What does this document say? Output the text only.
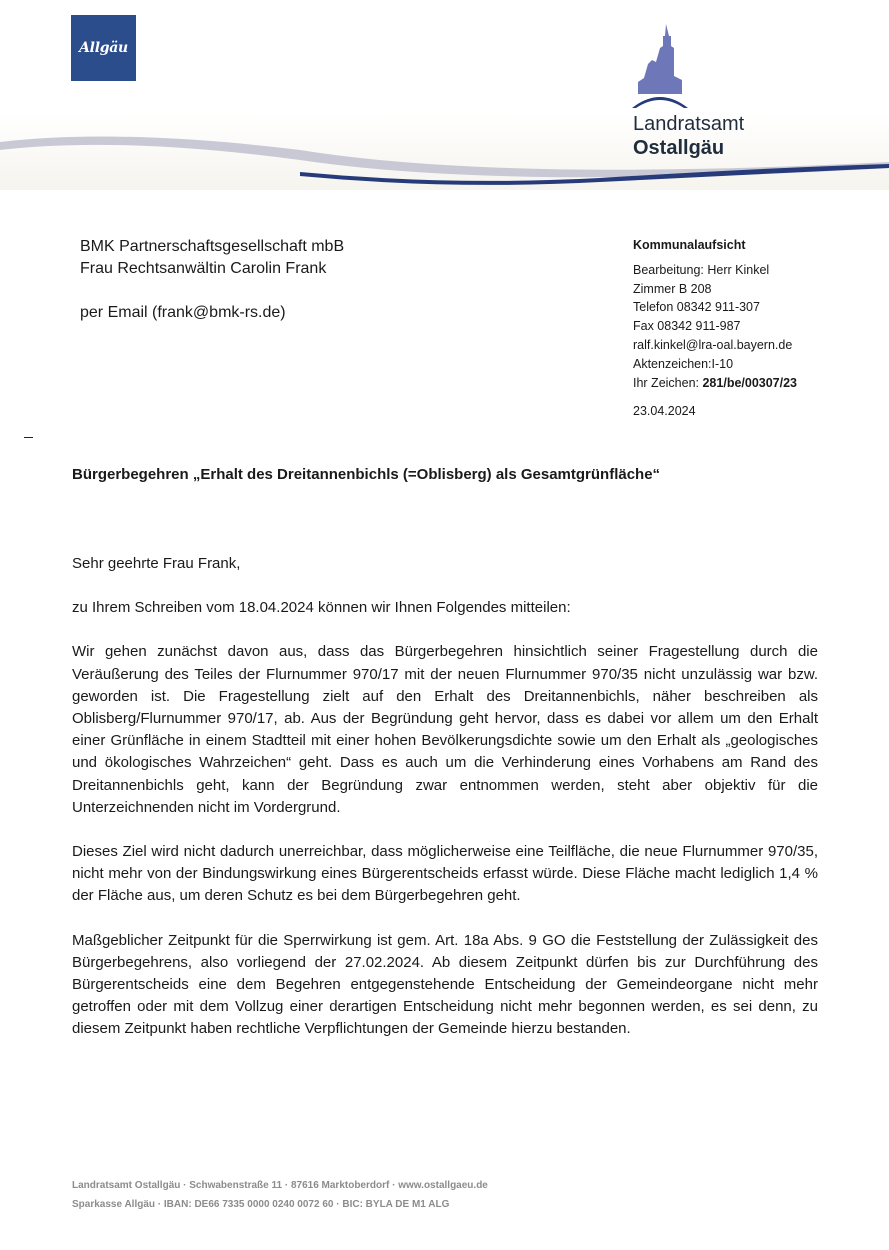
Allgäu
Landratsamt
Ostallgäu
BMK Partnerschaftsgesellschaft mbB
Frau Rechtsanwältin Carolin Frank
per Email (frank@bmk-rs.de)
Kommunalaufsicht
Bearbeitung: Herr Kinkel
Zimmer B 208
Telefon 08342 911-307
Fax 08342 911-987
ralf.kinkel@lra-oal.bayern.de
Aktenzeichen:I-10
Ihr Zeichen: 281/be/00307/23
23.04.2024
Bürgerbegehren „Erhalt des Dreitannenbichls (=Oblisberg) als Gesamtgrünfläche“

Sehr geehrte Frau Frank,

zu Ihrem Schreiben vom 18.04.2024 können wir Ihnen Folgendes mitteilen:

Wir gehen zunächst davon aus, dass das Bürgerbegehren hinsichtlich seiner Fragestellung durch die Veräußerung des Teiles der Flurnummer 970/17 mit der neuen Flurnummer 970/35 nicht unzulässig war bzw. geworden ist. Die Fragestellung zielt auf den Erhalt des Dreitannenbichls, näher beschreiben als Oblisberg/Flurnummer 970/17, ab. Aus der Begründung geht hervor, dass es dabei vor allem um den Erhalt einer Grünfläche in einem Stadtteil mit einer hohen Bevölkerungsdichte sowie um den Erhalt als „geologisches und ökologisches Wahrzeichen“ geht. Dass es auch um die Verhinderung eines Vorhabens am Rand des Dreitannenbichls geht, kann der Begründung zwar entnommen werden, steht aber objektiv für die Unterzeichnenden nicht im Vordergrund.

Dieses Ziel wird nicht dadurch unerreichbar, dass möglicherweise eine Teilfläche, die neue Flurnummer 970/35, nicht mehr von der Bindungswirkung eines Bürgerentscheids erfasst würde. Diese Fläche macht lediglich 1,4 % der Fläche aus, um deren Schutz es bei dem Bürgerbegehren geht.

Maßgeblicher Zeitpunkt für die Sperrwirkung ist gem. Art. 18a Abs. 9 GO die Feststellung der Zulässigkeit des Bürgerbegehrens, also vorliegend der 27.02.2024. Ab diesem Zeitpunkt dürfen bis zur Durchführung des Bürgerentscheids eine dem Begehren entgegenstehende Entscheidung der Gemeindeorgane nicht mehr getroffen oder mit dem Vollzug einer derartigen Entscheidung nicht mehr begonnen werden, es sei denn, zu diesem Zeitpunkt haben rechtliche Verpflichtungen der Gemeinde hierzu bestanden.

Landratsamt Ostallgäu · Schwabenstraße 11 · 87616 Marktoberdorf · www.ostallgaeu.de
Sparkasse Allgäu · IBAN: DE66 7335 0000 0240 0072 60 · BIC: BYLA DE M1 ALG
